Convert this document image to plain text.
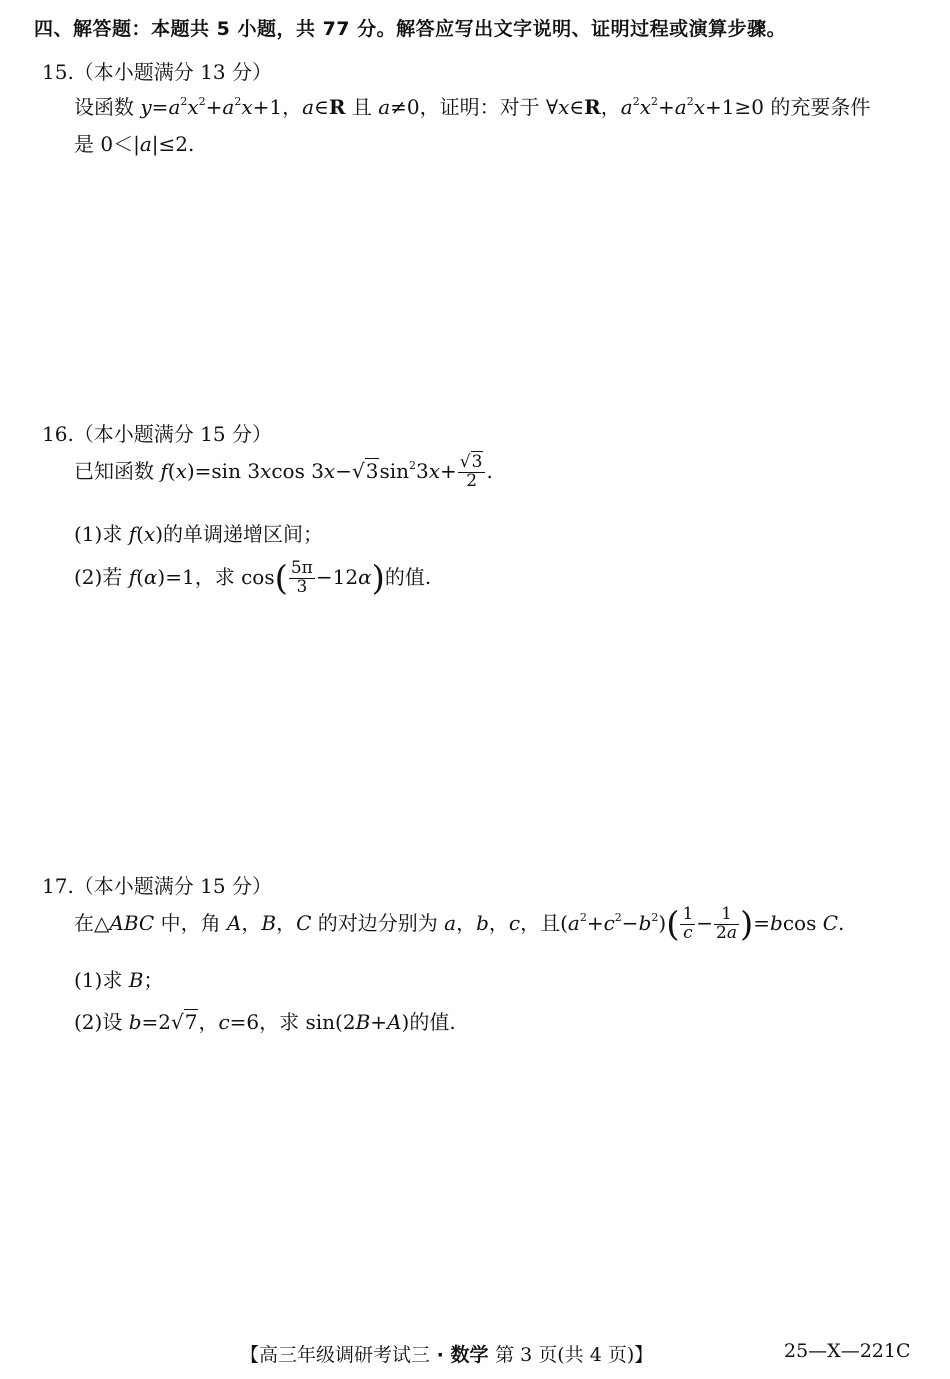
四、解答题：本题共 5 小题，共 77 分。解答应写出文字说明、证明过程或演算步骤。
15.（本小题满分 13 分）
设函数 $y=a^2x^2+a^2x+1$，a∈R 且 a≠0，证明：对于 ∀x∈R，$a^2x^2+a^2x+1\ge 0$ 的充要条件
是 0＜|a|≤2.
16.（本小题满分 15 分）
已知函数 f(x)=sin 3xcos $3x-√3\sin^23x+ \frac{√3}{2}$ .
(1)求 f(x)的单调递增区间；
(2)若 f(α)=1，求 $\cos( \frac{5\pi}{3} -12\alpha)$的值.
17.（本小题满分 15 分）
在△ABC 中，角 A，B，C 的对边分别为 a，b，c，且$(a^2+c^2-b^2)( \frac{1}{c} - \frac{1}{2a} )=bcos$ C.
(1)求 B；
(2)设 b=2√7，c=6，求 sin(2B+A)的值.
【高三年级调研考试三 · 数学 第 3 页(共 4 页)】	25—X—221C
